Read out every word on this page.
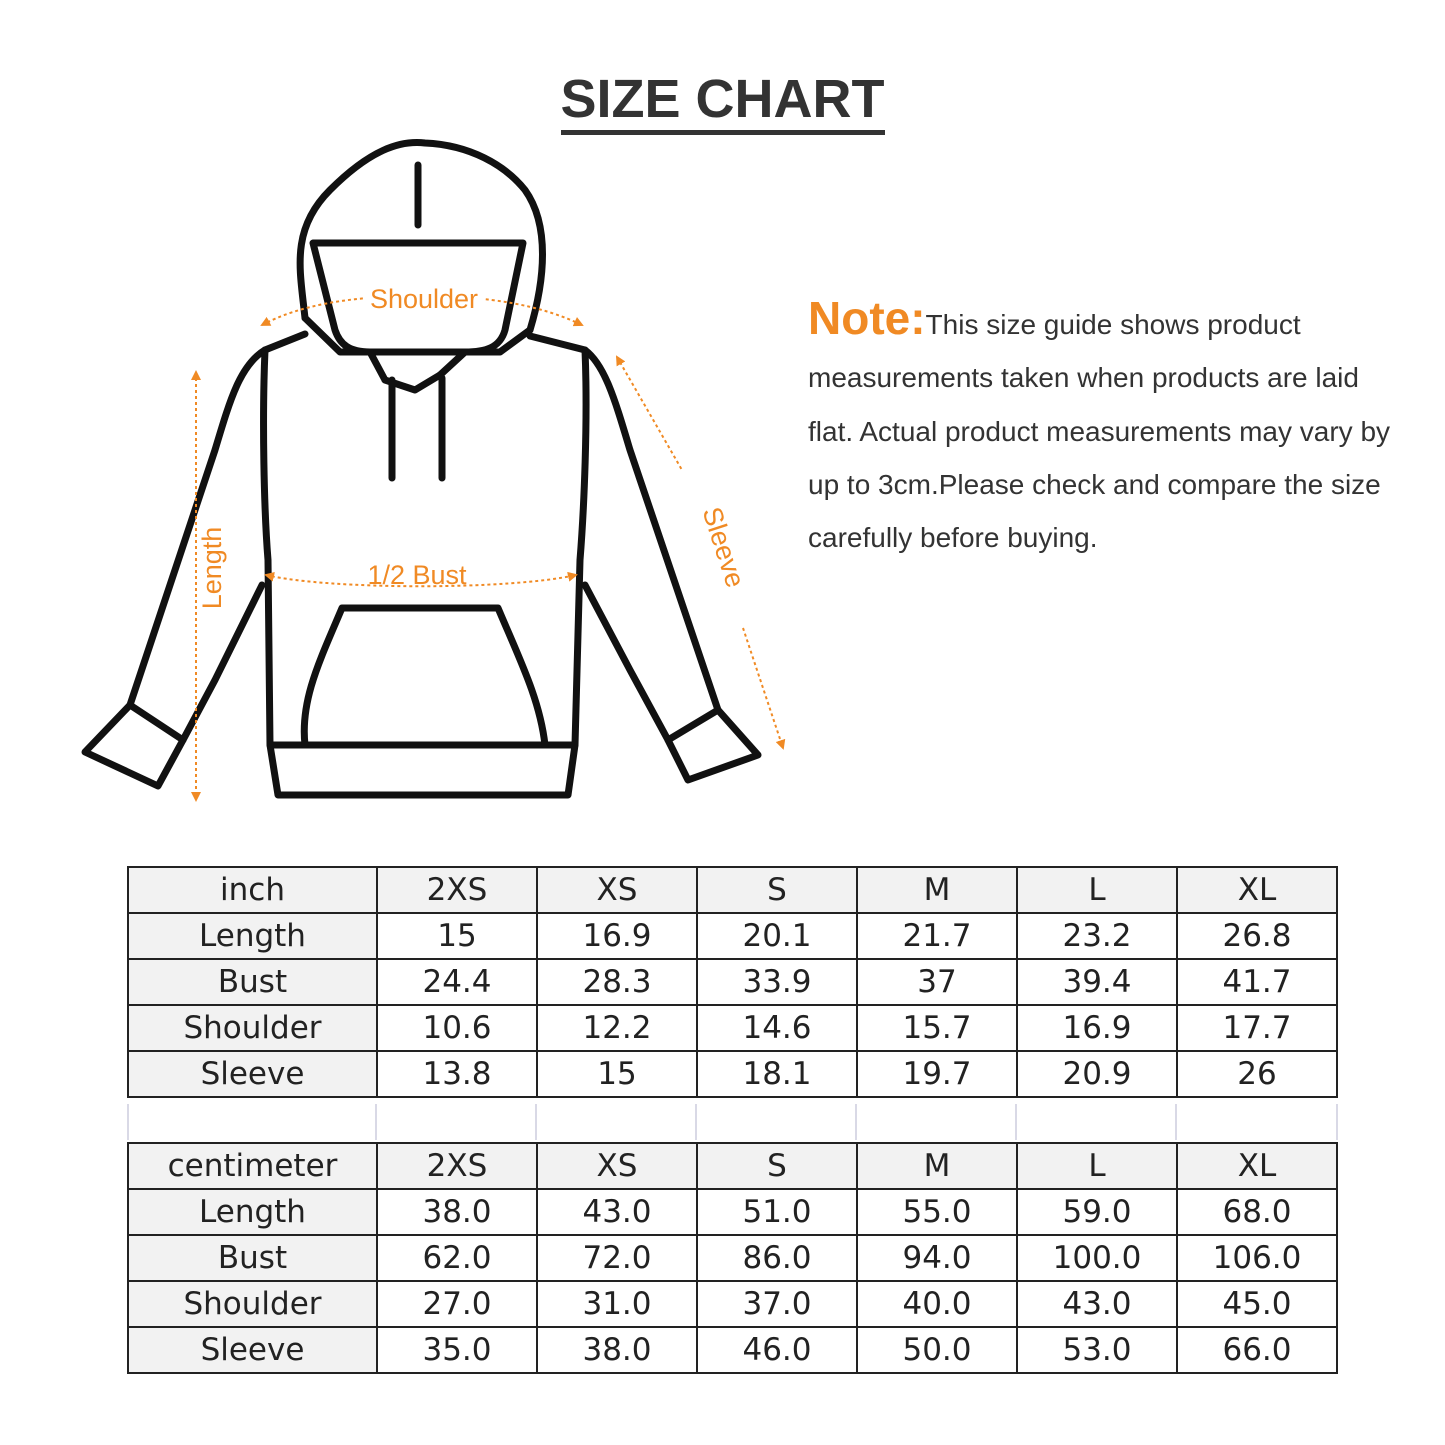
SIZE CHART
Shoulder
Length	1/2 Bust	Sleeve
Note:This size guide shows product measurements taken when products are laid flat. Actual product measurements may vary by up to 3cm.Please check and compare the size carefully before buying.
inch	2XS	XS	S	M	L	XL
Length	15	16.9	20.1	21.7	23.2	26.8
Bust	24.4	28.3	33.9	37	39.4	41.7
Shoulder	10.6	12.2	14.6	15.7	16.9	17.7
Sleeve	13.8	15	18.1	19.7	20.9	26
centimeter	2XS	XS	S	M	L	XL
Length	38.0	43.0	51.0	55.0	59.0	68.0
Bust	62.0	72.0	86.0	94.0	100.0	106.0
Shoulder	27.0	31.0	37.0	40.0	43.0	45.0
Sleeve	35.0	38.0	46.0	50.0	53.0	66.0
